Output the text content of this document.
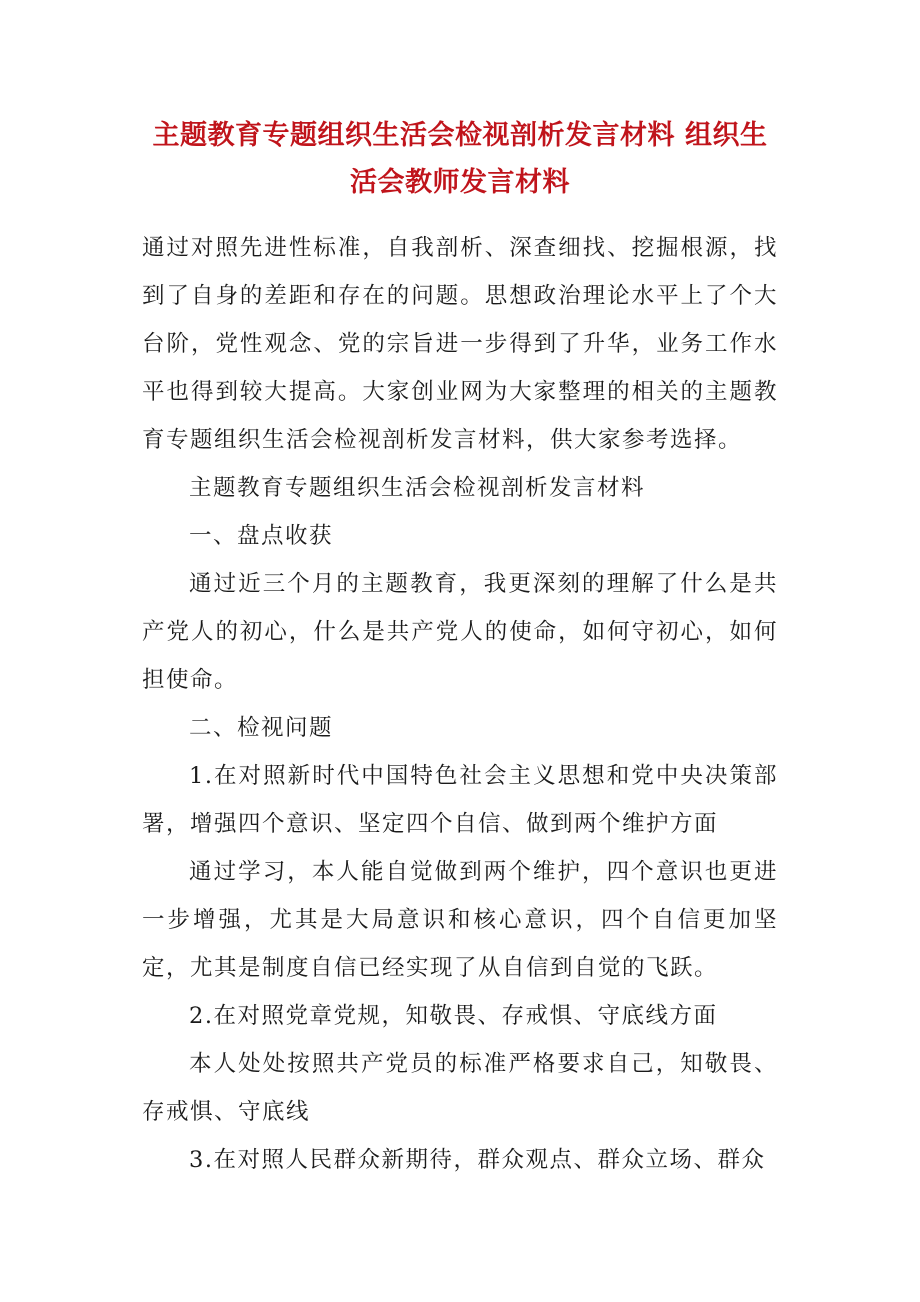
主题教育专题组织生活会检视剖析发言材料 组织生
活会教师发言材料

通过对照先进性标准，自我剖析、深查细找、挖掘根源，找到了自身的差距和存在的问题。思想政治理论水平上了个大台阶，党性观念、党的宗旨进一步得到了升华，业务工作水平也得到较大提高。大家创业网为大家整理的相关的主题教育专题组织生活会检视剖析发言材料，供大家参考选择。

主题教育专题组织生活会检视剖析发言材料

一、盘点收获

通过近三个月的主题教育，我更深刻的理解了什么是共产党人的初心，什么是共产党人的使命，如何守初心，如何担使命。

二、检视问题

1.在对照新时代中国特色社会主义思想和党中央决策部署，增强四个意识、坚定四个自信、做到两个维护方面

通过学习，本人能自觉做到两个维护，四个意识也更进一步增强，尤其是大局意识和核心意识，四个自信更加坚定，尤其是制度自信已经实现了从自信到自觉的飞跃。

2.在对照党章党规，知敬畏、存戒惧、守底线方面

本人处处按照共产党员的标准严格要求自己，知敬畏、存戒惧、守底线

3.在对照人民群众新期待，群众观点、群众立场、群众
